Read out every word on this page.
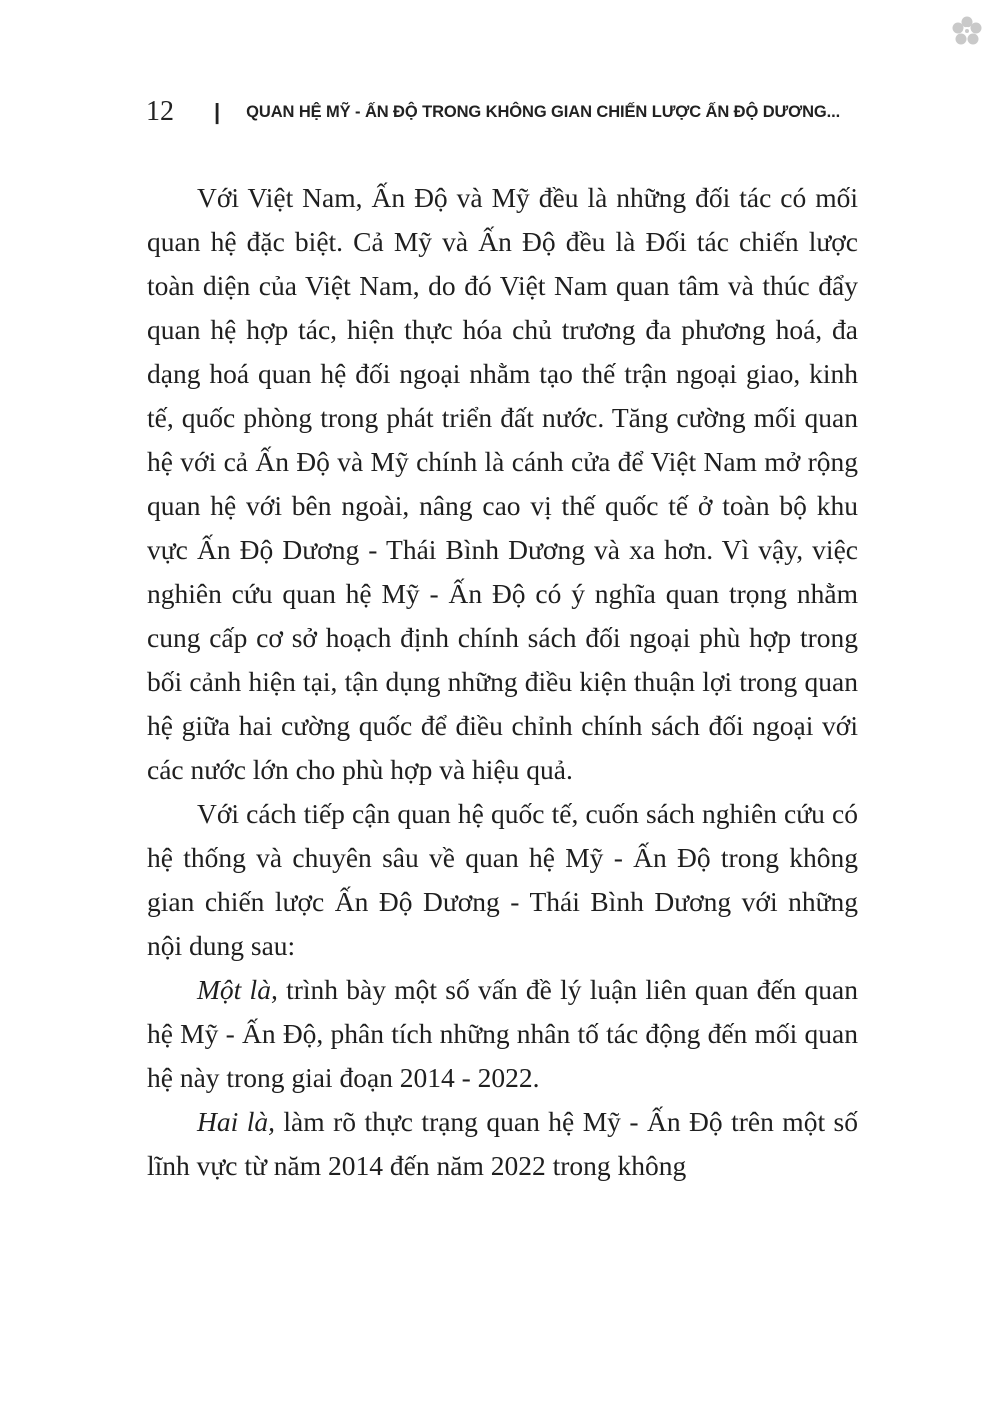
12 | QUAN HỆ MỸ - ẤN ĐỘ TRONG KHÔNG GIAN CHIẾN LƯỢC ẤN ĐỘ DƯƠNG...

Với Việt Nam, Ấn Độ và Mỹ đều là những đối tác có mối quan hệ đặc biệt. Cả Mỹ và Ấn Độ đều là Đối tác chiến lược toàn diện của Việt Nam, do đó Việt Nam quan tâm và thúc đẩy quan hệ hợp tác, hiện thực hóa chủ trương đa phương hoá, đa dạng hoá quan hệ đối ngoại nhằm tạo thế trận ngoại giao, kinh tế, quốc phòng trong phát triển đất nước. Tăng cường mối quan hệ với cả Ấn Độ và Mỹ chính là cánh cửa để Việt Nam mở rộng quan hệ với bên ngoài, nâng cao vị thế quốc tế ở toàn bộ khu vực Ấn Độ Dương - Thái Bình Dương và xa hơn. Vì vậy, việc nghiên cứu quan hệ Mỹ - Ấn Độ có ý nghĩa quan trọng nhằm cung cấp cơ sở hoạch định chính sách đối ngoại phù hợp trong bối cảnh hiện tại, tận dụng những điều kiện thuận lợi trong quan hệ giữa hai cường quốc để điều chỉnh chính sách đối ngoại với các nước lớn cho phù hợp và hiệu quả.

Với cách tiếp cận quan hệ quốc tế, cuốn sách nghiên cứu có hệ thống và chuyên sâu về quan hệ Mỹ - Ấn Độ trong không gian chiến lược Ấn Độ Dương - Thái Bình Dương với những nội dung sau:

Một là, trình bày một số vấn đề lý luận liên quan đến quan hệ Mỹ - Ấn Độ, phân tích những nhân tố tác động đến mối quan hệ này trong giai đoạn 2014 - 2022.

Hai là, làm rõ thực trạng quan hệ Mỹ - Ấn Độ trên một số lĩnh vực từ năm 2014 đến năm 2022 trong không
